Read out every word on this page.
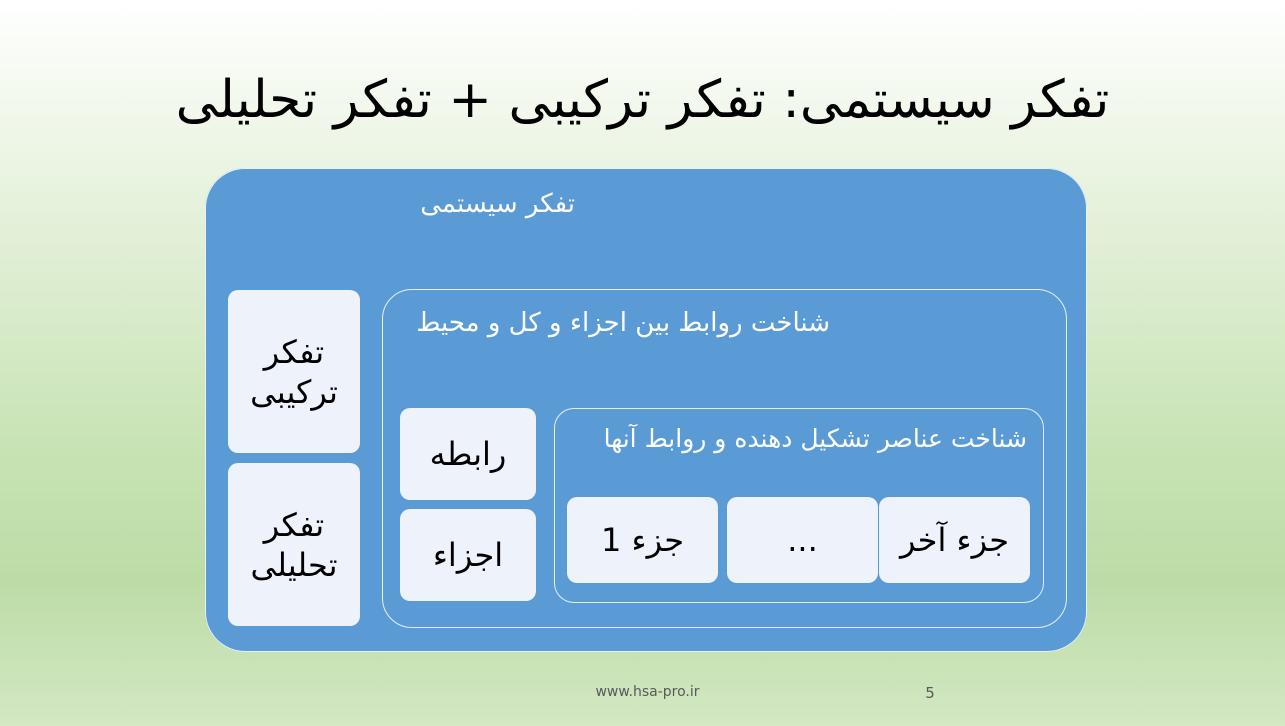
تفکر سیستمی: تفکر ترکیبی + تفکر تحلیلی
تفکر سیستمی
تفکر ترکیبی
تفکر تحلیلی
شناخت روابط بین اجزاء و کل و محیط
رابطه
اجزاء
شناخت عناصر تشکیل دهنده و روابط آنها
جزء آخر
...
جزء 1
www.hsa-pro.ir	5
